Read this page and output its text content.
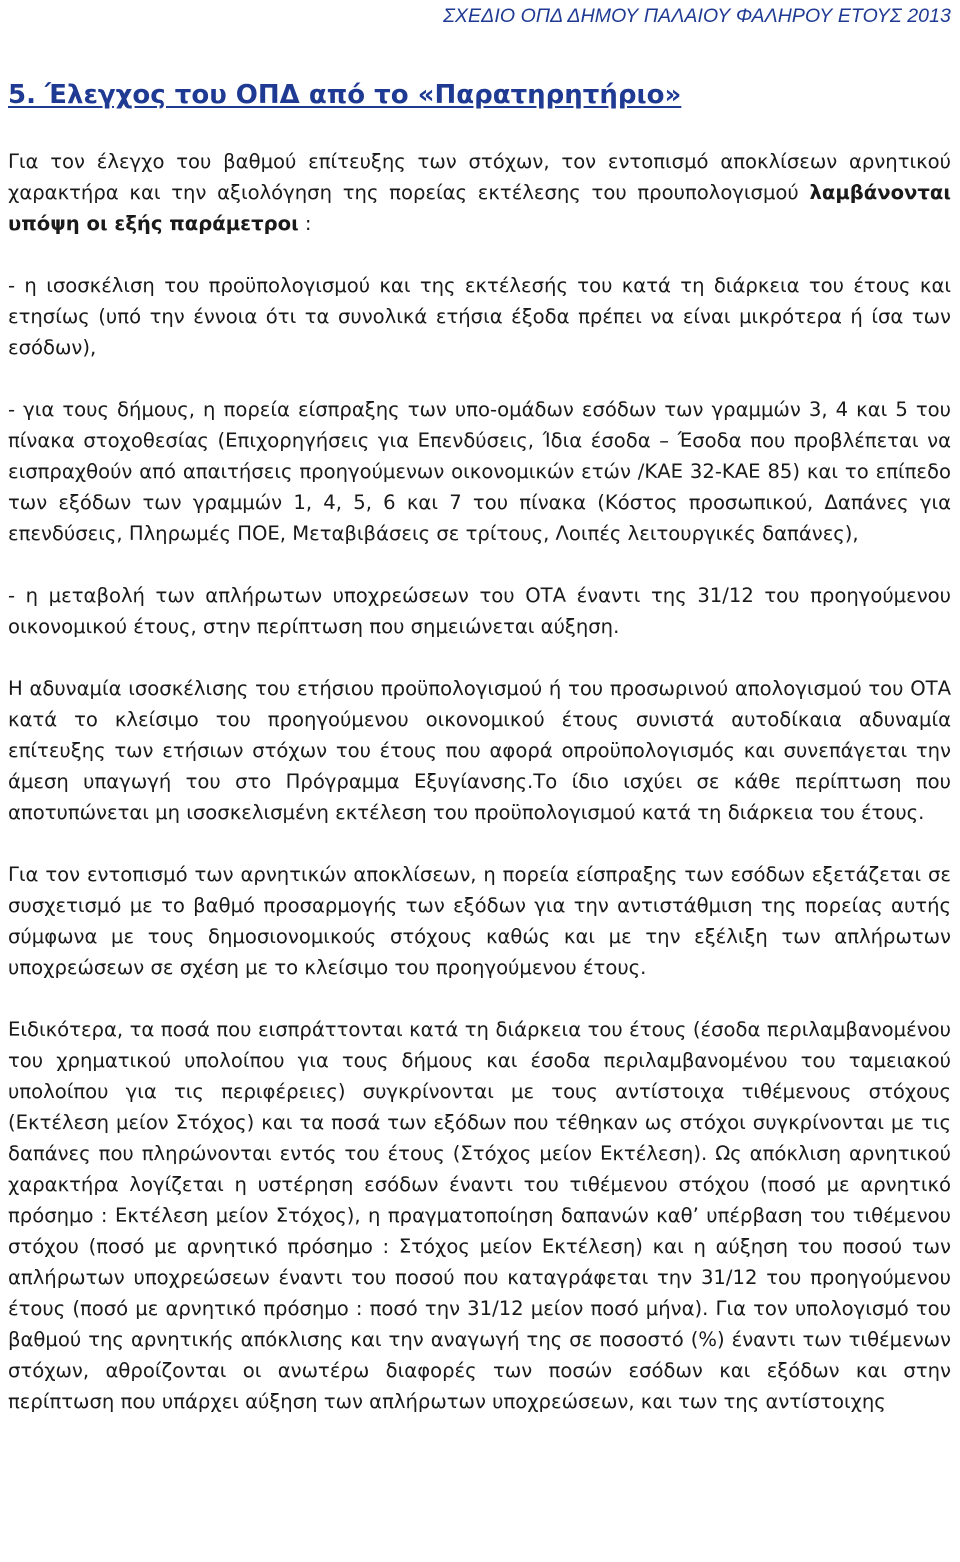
ΣΧΕΔΙΟ ΟΠΔ ΔΗΜΟΥ ΠΑΛΑΙΟΥ ΦΑΛΗΡΟΥ ΕΤΟΥΣ 2013
5. Έλεγχος του ΟΠΔ από το «Παρατηρητήριο»

Για τον έλεγχο του βαθμού επίτευξης των στόχων, τον εντοπισμό αποκλίσεων αρνητικού χαρακτήρα και την αξιολόγηση της πορείας εκτέλεσης του προυπολογισμού λαμβάνονται υπόψη οι εξής παράμετροι :

- η ισοσκέλιση του προϋπολογισμού και της εκτέλεσής του κατά τη διάρκεια του έτους και ετησίως (υπό την έννοια ότι τα συνολικά ετήσια έξοδα πρέπει να είναι μικρότερα ή ίσα των εσόδων),

- για τους δήμους, η πορεία είσπραξης των υπο-ομάδων εσόδων των γραμμών 3, 4 και 5 του πίνακα στοχοθεσίας (Επιχορηγήσεις για Επενδύσεις, Ίδια έσοδα – Έσοδα που προβλέπεται να εισπραχθούν από απαιτήσεις προηγούμενων οικονομικών ετών /ΚΑΕ 32-ΚΑΕ 85) και το επίπεδο των εξόδων των γραμμών 1, 4, 5, 6 και 7 του πίνακα (Κόστος προσωπικού, Δαπάνες για επενδύσεις, Πληρωμές ΠΟΕ, Μεταβιβάσεις σε τρίτους, Λοιπές λειτουργικές δαπάνες),

- η μεταβολή των απλήρωτων υποχρεώσεων του ΟΤΑ έναντι της 31/12 του προηγούμενου οικονομικού έτους, στην περίπτωση που σημειώνεται αύξηση.

Η αδυναμία ισοσκέλισης του ετήσιου προϋπολογισμού ή του προσωρινού απολογισμού του ΟΤΑ κατά το κλείσιμο του προηγούμενου οικονομικού έτους συνιστά αυτοδίκαια αδυναμία επίτευξης των ετήσιων στόχων του έτους που αφορά οπροϋπολογισμός και συνεπάγεται την άμεση υπαγωγή του στο Πρόγραμμα Εξυγίανσης.Το ίδιο ισχύει σε κάθε περίπτωση που αποτυπώνεται μη ισοσκελισμένη εκτέλεση του προϋπολογισμού κατά τη διάρκεια του έτους.

Για τον εντοπισμό των αρνητικών αποκλίσεων, η πορεία είσπραξης των εσόδων εξετάζεται σε συσχετισμό με το βαθμό προσαρμογής των εξόδων για την αντιστάθμιση της πορείας αυτής σύμφωνα με τους δημοσιονομικούς στόχους καθώς και με την εξέλιξη των απλήρωτων υποχρεώσεων σε σχέση με το κλείσιμο του προηγούμενου έτους.

Ειδικότερα, τα ποσά που εισπράττονται κατά τη διάρκεια του έτους (έσοδα περιλαμβανομένου του χρηματικού υπολοίπου για τους δήμους και έσοδα περιλαμβανομένου του ταμειακού υπολοίπου για τις περιφέρειες) συγκρίνονται με τους αντίστοιχα τιθέμενους στόχους (Εκτέλεση μείον Στόχος) και τα ποσά των εξόδων που τέθηκαν ως στόχοι συγκρίνονται με τις δαπάνες που πληρώνονται εντός του έτους (Στόχος μείον Εκτέλεση). Ως απόκλιση αρνητικού χαρακτήρα λογίζεται η υστέρηση εσόδων έναντι του τιθέμενου στόχου (ποσό με αρνητικό πρόσημο : Εκτέλεση μείον Στόχος), η πραγματοποίηση δαπανών καθ’ υπέρβαση του τιθέμενου στόχου (ποσό με αρνητικό πρόσημο : Στόχος μείον Εκτέλεση) και η αύξηση του ποσού των απλήρωτων υποχρεώσεων έναντι του ποσού που καταγράφεται την 31/12 του προηγούμενου έτους (ποσό με αρνητικό πρόσημο : ποσό την 31/12 μείον ποσό μήνα). Για τον υπολογισμό του βαθμού της αρνητικής απόκλισης και την αναγωγή της σε ποσοστό (%) έναντι των τιθέμενων στόχων, αθροίζονται οι ανωτέρω διαφορές των ποσών εσόδων και εξόδων και στην περίπτωση που υπάρχει αύξηση των απλήρωτων υποχρεώσεων, και των της αντίστοιχης
